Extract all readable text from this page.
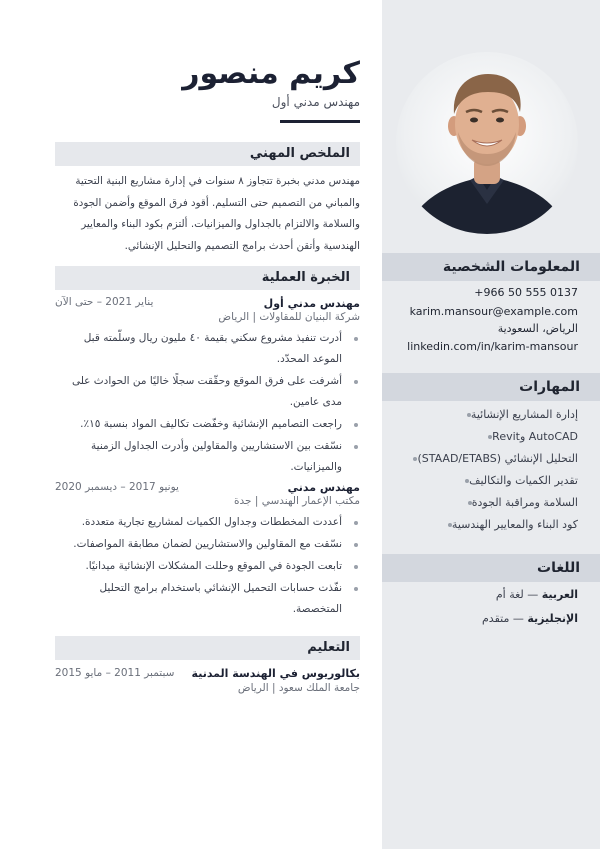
المعلومات الشخصية
+966 50 555 0137
karim.mansour@example.com
الرياض، السعودية
linkedin.com/in/karim-mansour
المهارات
إدارة المشاريع الإنشائية
AutoCAD وRevit
التحليل الإنشائي (STAAD/ETABS)
تقدير الكميات والتكاليف
السلامة ومراقبة الجودة
كود البناء والمعايير الهندسية
اللغات
العربية — لغة أم
الإنجليزية — متقدم
كريم منصور
مهندس مدني أول
الملخص المهني

مهندس مدني بخبرة تتجاوز ٨ سنوات في إدارة مشاريع البنية التحتية والمباني من التصميم حتى التسليم. أقود فرق الموقع وأضمن الجودة والسلامة والالتزام بالجداول والميزانيات. ألتزم بكود البناء والمعايير الهندسية وأتقن أحدث برامج التصميم والتحليل الإنشائي.

الخبرة العملية
مهندس مدني أول
يناير 2021 – حتى الآن
شركة البنيان للمقاولات | الرياض
أدرت تنفيذ مشروع سكني بقيمة ٤٠ مليون ريال وسلّمته قبل الموعد المحدّد.
أشرفت على فرق الموقع وحقّقت سجلًا خاليًا من الحوادث على مدى عامين.
راجعت التصاميم الإنشائية وخفّضت تكاليف المواد بنسبة ١٥٪.
نسّقت بين الاستشاريين والمقاولين وأدرت الجداول الزمنية والميزانيات.
مهندس مدني
يونيو 2017 – ديسمبر 2020
مكتب الإعمار الهندسي | جدة
أعددت المخططات وجداول الكميات لمشاريع تجارية متعددة.
نسّقت مع المقاولين والاستشاريين لضمان مطابقة المواصفات.
تابعت الجودة في الموقع وحللت المشكلات الإنشائية ميدانيًا.
نفّذت حسابات التحميل الإنشائي باستخدام برامج التحليل المتخصصة.
التعليم
بكالوريوس في الهندسة المدنية
سبتمبر 2011 – مايو 2015
جامعة الملك سعود | الرياض
